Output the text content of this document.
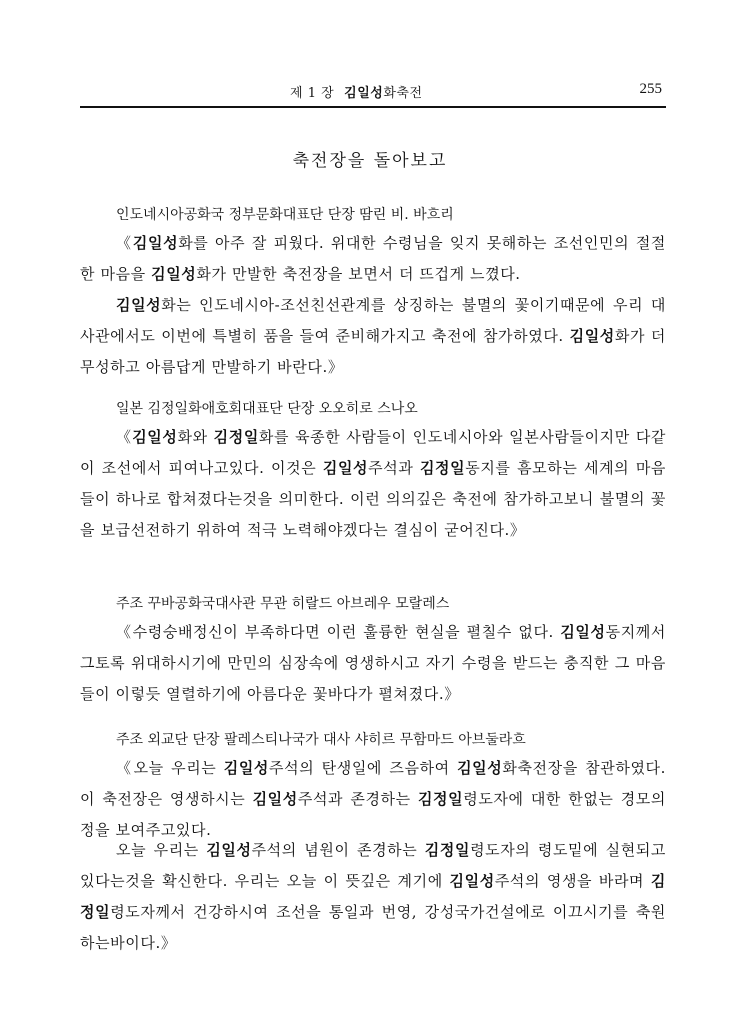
제 1 장 김일성화축전	255
축전장을 돌아보고
인도네시아공화국 정부문화대표단 단장 땀린 비. 바흐리

《김일성화를 아주 잘 피웠다. 위대한 수령님을 잊지 못해하는 조선인민의 절절한 마음을 김일성화가 만발한 축전장을 보면서 더 뜨겁게 느꼈다.

김일성화는 인도네시아-조선친선관계를 상징하는 불멸의 꽃이기때문에 우리 대사관에서도 이번에 특별히 품을 들여 준비해가지고 축전에 참가하였다. 김일성화가 더 무성하고 아름답게 만발하기 바란다.》

일본 김정일화애호회대표단 단장 오오히로 스나오

《김일성화와 김정일화를 육종한 사람들이 인도네시아와 일본사람들이지만 다같이 조선에서 피여나고있다. 이것은 김일성주석과 김정일동지를 흠모하는 세계의 마음들이 하나로 합쳐졌다는것을 의미한다. 이런 의의깊은 축전에 참가하고보니 불멸의 꽃을 보급선전하기 위하여 적극 노력해야겠다는 결심이 굳어진다.》

주조 꾸바공화국대사관 무관 히랄드 아브레우 모랄레스

《수령숭배정신이 부족하다면 이런 훌륭한 현실을 펼칠수 없다. 김일성동지께서 그토록 위대하시기에 만민의 심장속에 영생하시고 자기 수령을 받드는 충직한 그 마음들이 이렇듯 열렬하기에 아름다운 꽃바다가 펼쳐졌다.》

주조 외교단 단장 팔레스티나국가 대사 샤히르 무함마드 아브둘라흐

《오늘 우리는 김일성주석의 탄생일에 즈음하여 김일성화축전장을 참관하였다. 이 축전장은 영생하시는 김일성주석과 존경하는 김정일령도자에 대한 한없는 경모의 정을 보여주고있다.

오늘 우리는 김일성주석의 념원이 존경하는 김정일령도자의 령도밑에 실현되고있다는것을 확신한다. 우리는 오늘 이 뜻깊은 계기에 김일성주석의 영생을 바라며 김정일령도자께서 건강하시여 조선을 통일과 번영, 강성국가건설에로 이끄시기를 축원하는바이다.》
